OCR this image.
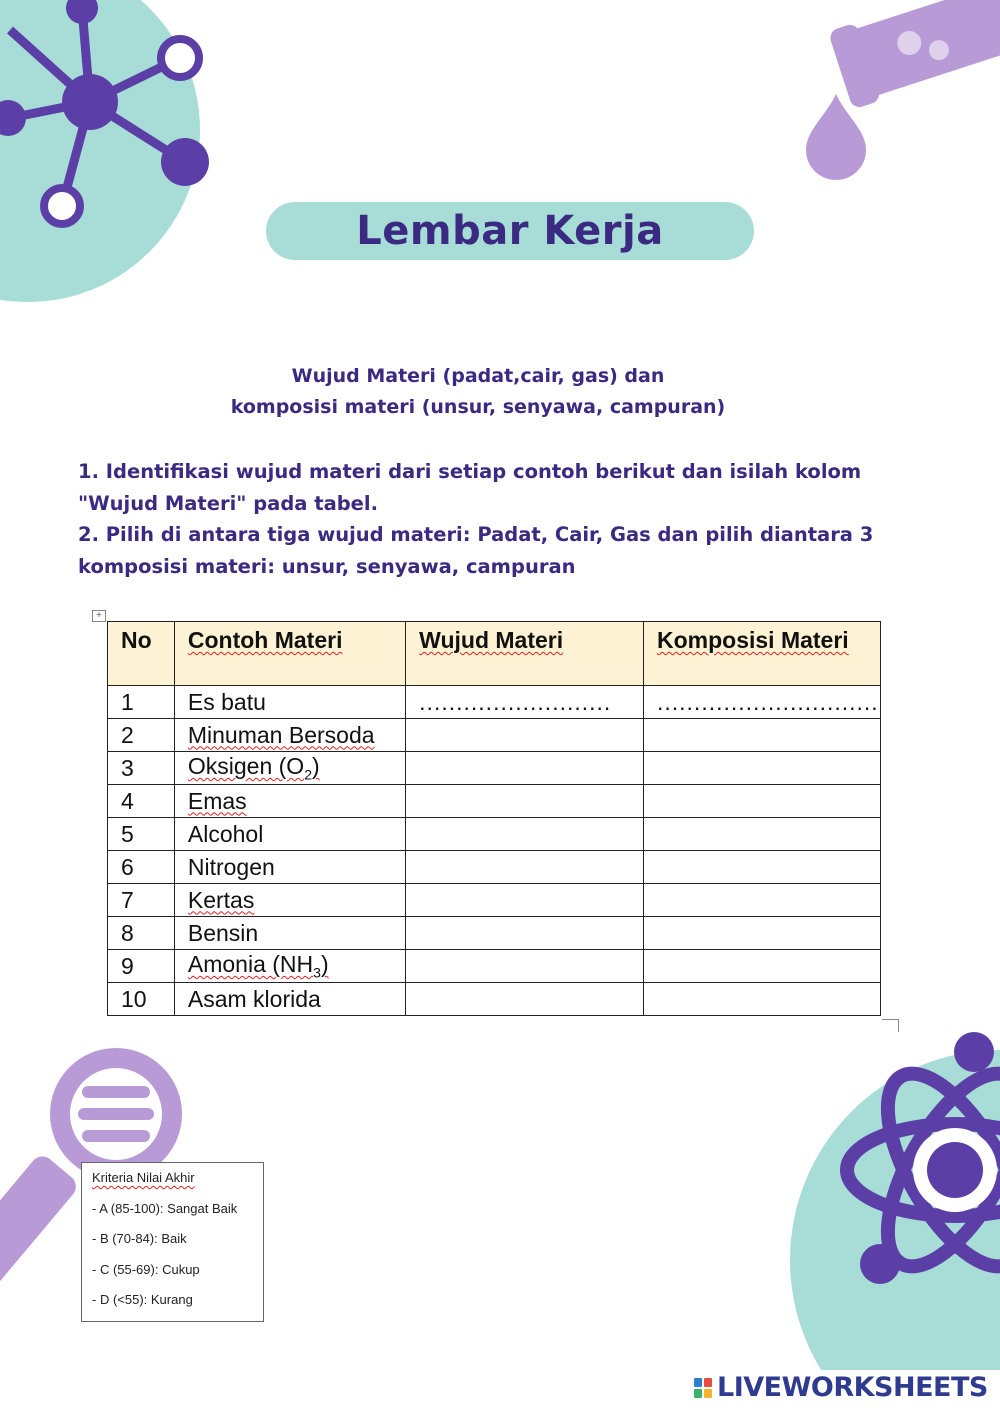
Lembar Kerja
Wujud Materi (padat,cair, gas) dan
komposisi materi (unsur, senyawa, campuran)

1. Identifikasi wujud materi dari setiap contoh berikut dan isilah kolom "Wujud Materi" pada tabel.

2. Pilih di antara tiga wujud materi: Padat, Cair, Gas dan pilih diantara 3 komposisi materi: unsur, senyawa, campuran

+
No	Contoh Materi	Wujud Materi	Komposisi Materi
1	Es batu	..........................	..............................
2	Minuman Bersoda		
3	Oksigen $(O_2)$		
4	Emas		
5	Alcohol		
6	Nitrogen		
7	Kertas		
8	Bensin		
9	Amonia $(NH_3)$		
10	Asam klorida		
Kriteria Nilai Akhir
- A (85-100): Sangat Baik
- B (70-84): Baik
- C (55-69): Cukup
- D (<55): Kurang
LIVEWORKSHEETS
